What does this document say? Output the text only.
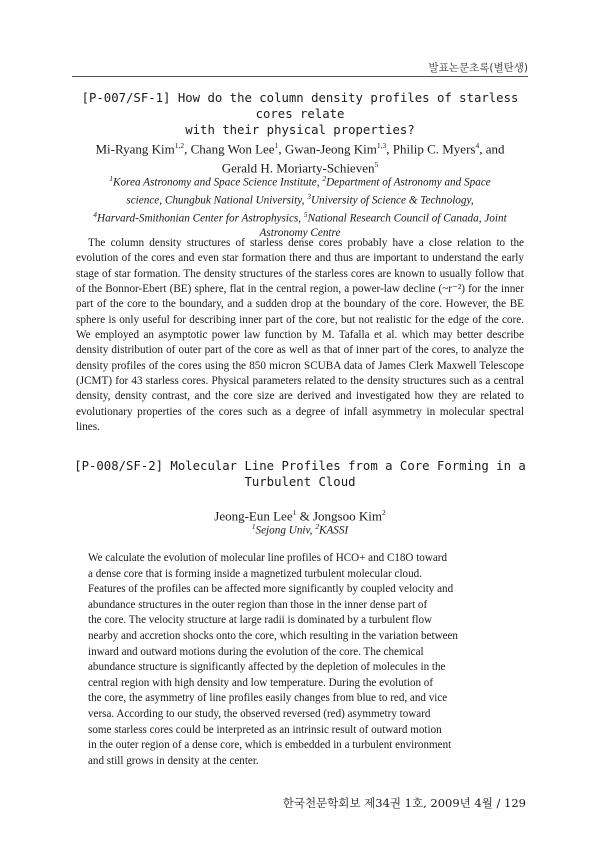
발표논문초록(별탄생)
[P-007/SF-1] How do the column density profiles of starless cores relate
with their physical properties?
Mi-Ryang Kim$^{1,2}$, Chang Won Lee$^1$, Gwan-Jeong Kim$^{1,3}$, Philip C. Myers$^4$, and
Gerald H. Moriarty-Schieven$^5$
$^1$Korea Astronomy and Space Science Institute, $^2$Department of Astronomy and Space
science, Chungbuk National University, $^3$University of Science & Technology,
$^4$Harvard-Smithonian Center for Astrophysics, $^5$National Research Council of Canada, Joint
Astronomy Centre

The column density structures of starless dense cores probably have a close relation to the evolution of the cores and even star formation there and thus are important to understand the early stage of star formation. The density structures of the starless cores are known to usually follow that of the Bonnor-Ebert (BE) sphere, flat in the central region, a power-law decline (~r⁻²) for the inner part of the core to the boundary, and a sudden drop at the boundary of the core. However, the BE sphere is only useful for describing inner part of the core, but not realistic for the edge of the core. We employed an asymptotic power law function by M. Tafalla et al. which may better describe density distribution of outer part of the core as well as that of inner part of the cores, to analyze the density profiles of the cores using the 850 micron SCUBA data of James Clerk Maxwell Telescope (JCMT) for 43 starless cores. Physical parameters related to the density structures such as a central density, density contrast, and the core size are derived and investigated how they are related to evolutionary properties of the cores such as a degree of infall asymmetry in molecular spectral lines.

[P-008/SF-2] Molecular Line Profiles from a Core Forming in a
Turbulent Cloud
Jeong-Eun Lee$^1$ & Jongsoo Kim$^2$
$^1$Sejong Univ, $^2$KASSI
We calculate the evolution of molecular line profiles of HCO+ and C18O toward
a dense core that is forming inside a magnetized turbulent molecular cloud.
Features of the profiles can be affected more significantly by coupled velocity and
abundance structures in the outer region than those in the inner dense part of
the core. The velocity structure at large radii is dominated by a turbulent flow
nearby and accretion shocks onto the core, which resulting in the variation between
inward and outward motions during the evolution of the core. The chemical
abundance structure is significantly affected by the depletion of molecules in the
central region with high density and low temperature. During the evolution of
the core, the asymmetry of line profiles easily changes from blue to red, and vice
versa. According to our study, the observed reversed (red) asymmetry toward
some starless cores could be interpreted as an intrinsic result of outward motion
in the outer region of a dense core, which is embedded in a turbulent environment
and still grows in density at the center.
한국천문학회보 제34권 1호, 2009년 4월 / 129
